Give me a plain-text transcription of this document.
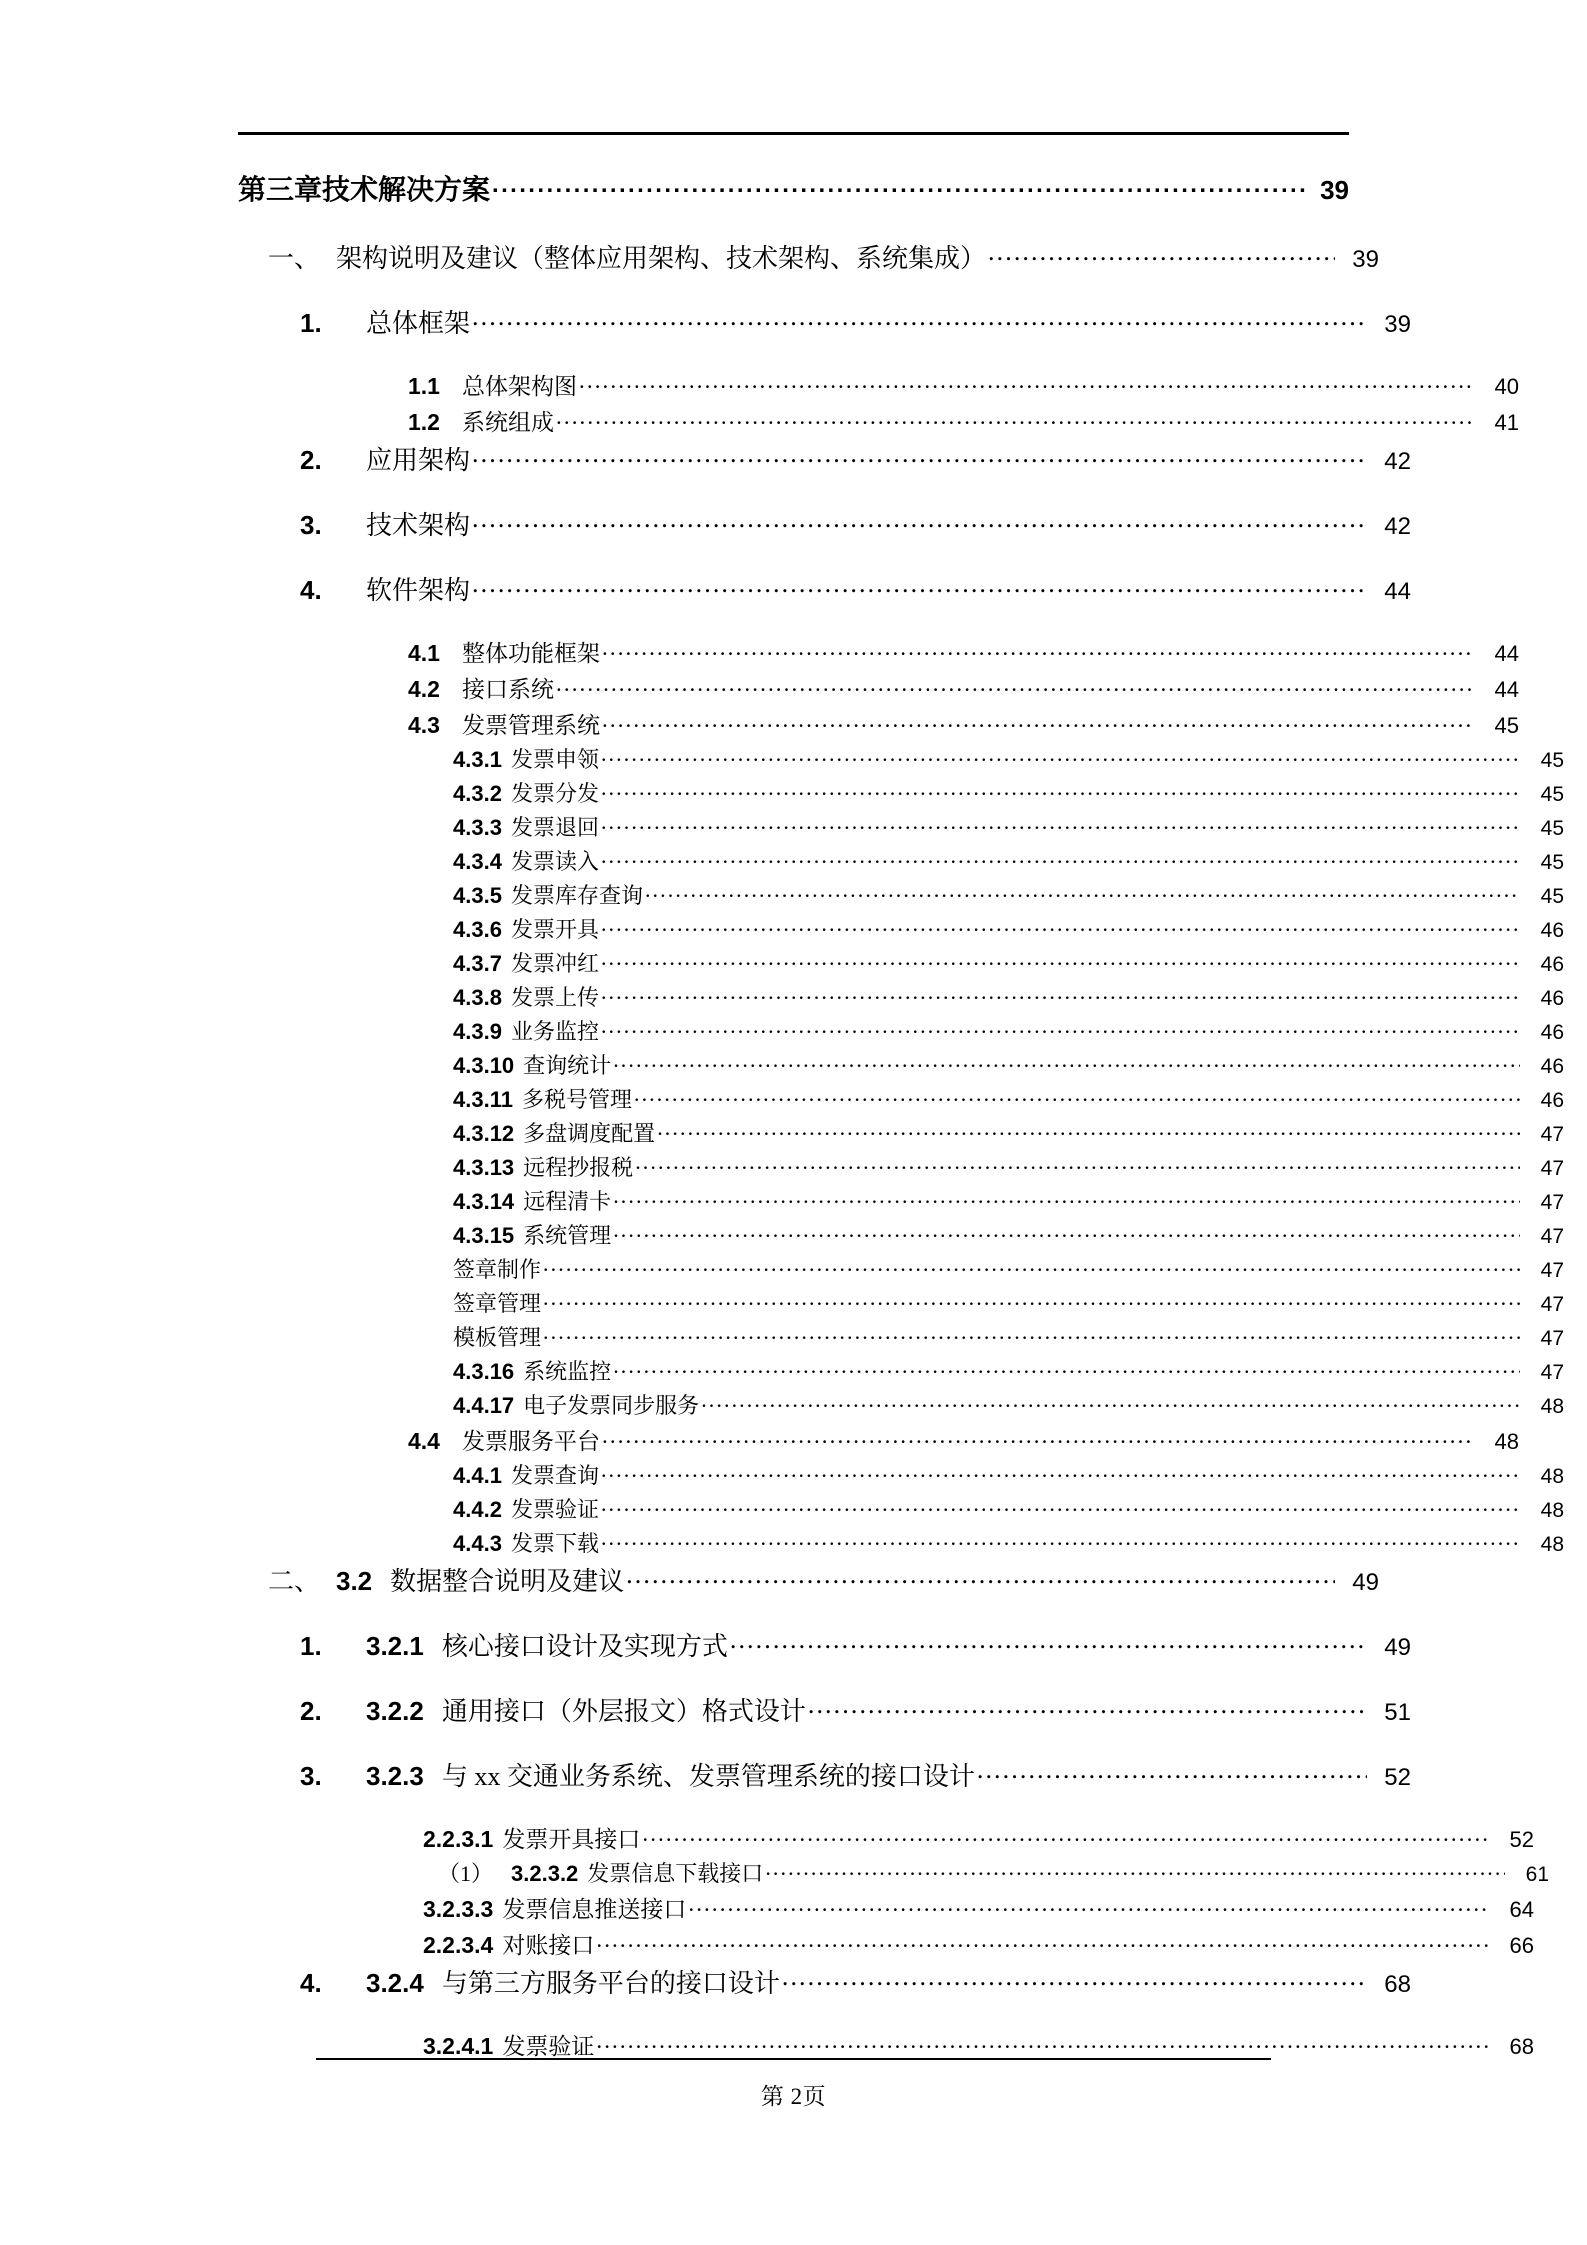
第三章 技术解决方案 .....	39
一、 架构说明及建议（整体应用架构、技术架构、系统集成） .....	39
1.	总体框架 .....	39
1.1 总体架构图 .....	40
1.2 系统组成 .....	41
2.	应用架构 .....	42
3.	技术架构 .....	42
4.	软件架构 .....	44
4.1 整体功能框架 .....	44
4.2 接口系统 .....	44
4.3 发票管理系统 .....	45
4.3.1 发票申领 .....	45
4.3.2 发票分发 .....	45
4.3.3 发票退回 .....	45
4.3.4 发票读入 .....	45
4.3.5 发票库存查询 .....	45
4.3.6 发票开具 .....	46
4.3.7 发票冲红 .....	46
4.3.8 发票上传 .....	46
4.3.9 业务监控 .....	46
4.3.10 查询统计 .....	46
4.3.11 多税号管理 .....	46
4.3.12 多盘调度配置 .....	47
4.3.13 远程抄报税 .....	47
4.3.14 远程清卡 .....	47
4.3.15 系统管理 .....	47
签章制作 .....	47
签章管理 .....	47
模板管理 .....	47
4.3.16 系统监控 .....	47
4.4.17 电子发票同步服务 .....	48
4.4 发票服务平台 .....	48
4.4.1 发票查询 .....	48
4.4.2 发票验证 .....	48
4.4.3 发票下载 .....	48
二、 3.2 数据整合说明及建议 .....	49
1.	3.2.1 核心接口设计及实现方式 .....	49
2.	3.2.2 通用接口（外层报文）格式设计 .....	51
3.	3.2.3 与 xx 交通业务系统、发票管理系统的接口设计 .....	52
2.2.3.1 发票开具接口 .....	52
（1） 3.2.3.2 发票信息下载接口 .....	61
3.2.3.3 发票信息推送接口 .....	64
2.2.3.4 对账接口 .....	66
4.	3.2.4 与第三方服务平台的接口设计 .....	68
3.2.4.1 发票验证 .....	68
第 2页
